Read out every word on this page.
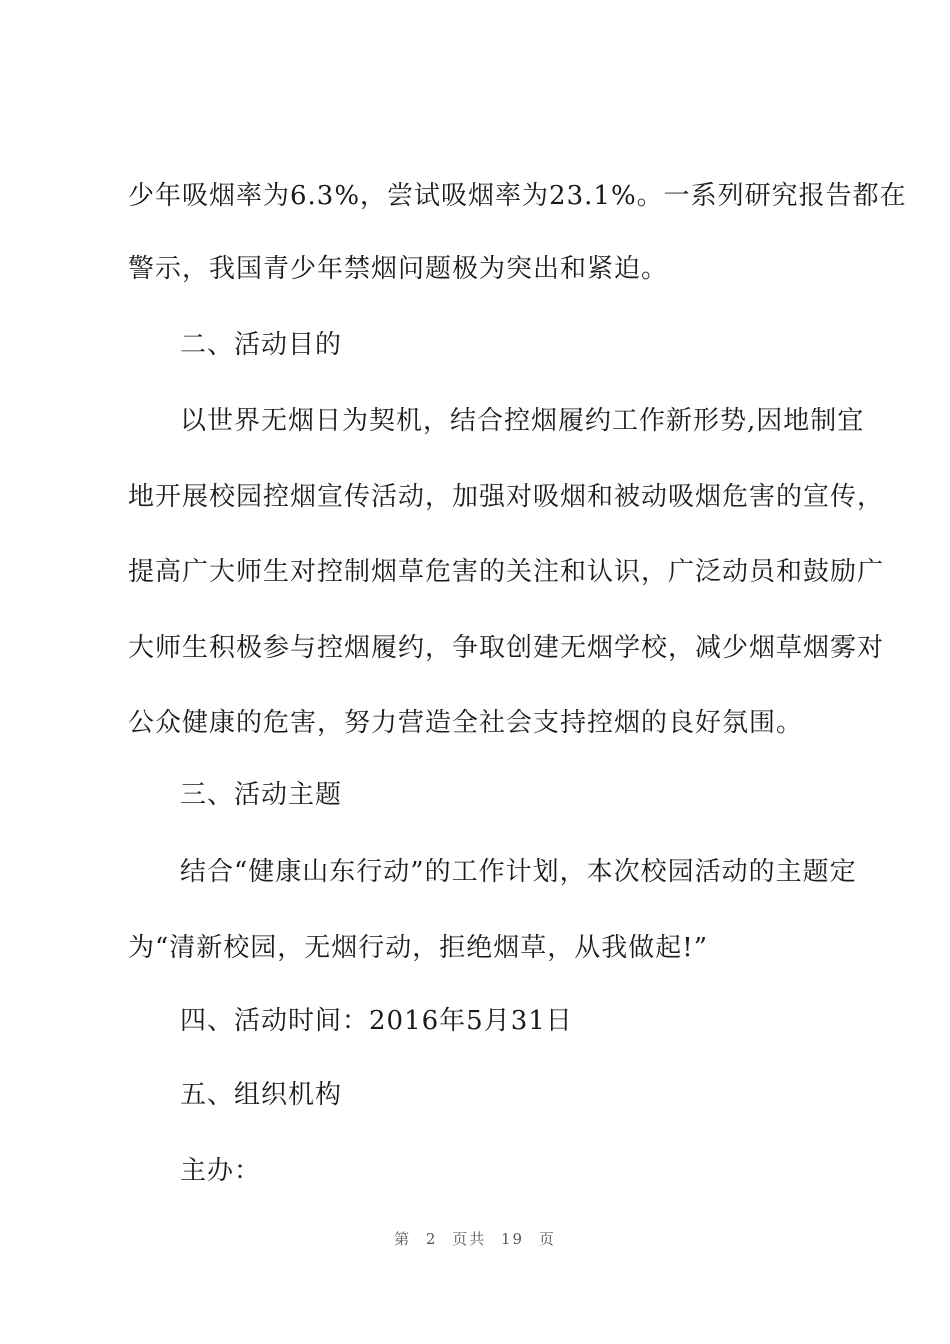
少年吸烟率为6.3%，尝试吸烟率为23.1%。一系列研究报告都在
警示，我国青少年禁烟问题极为突出和紧迫。
二、活动目的
以世界无烟日为契机，结合控烟履约工作新形势,因地制宜
地开展校园控烟宣传活动，加强对吸烟和被动吸烟危害的宣传，
提高广大师生对控制烟草危害的关注和认识，广泛动员和鼓励广
大师生积极参与控烟履约，争取创建无烟学校，减少烟草烟雾对
公众健康的危害，努力营造全社会支持控烟的良好氛围。
三、活动主题
结合“健康山东行动”的工作计划，本次校园活动的主题定
为“清新校园，无烟行动，拒绝烟草，从我做起!”
四、活动时间：2016年5月31日
五、组织机构
主办：
第 2 页共 19 页
